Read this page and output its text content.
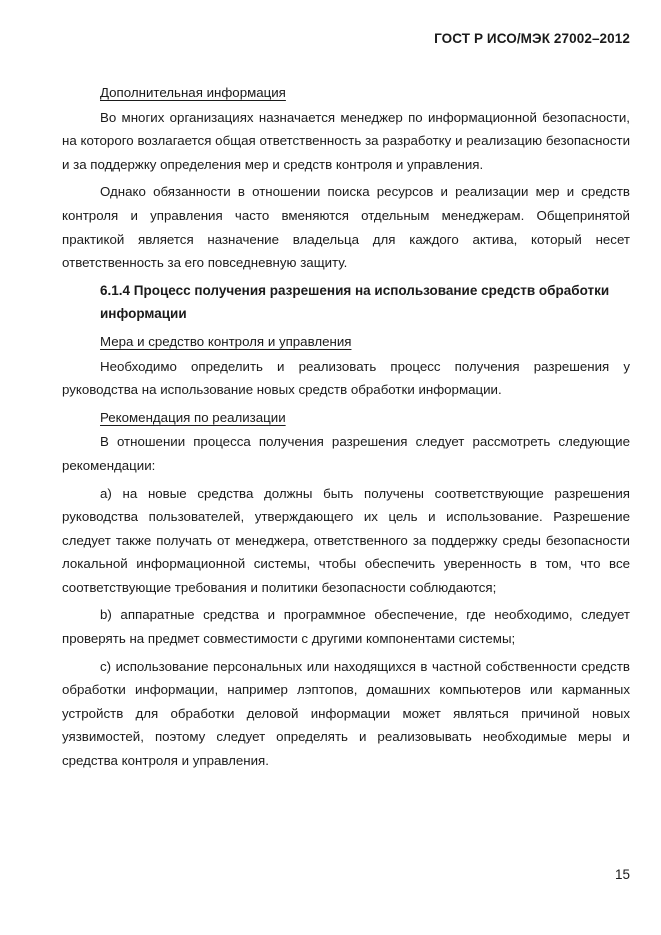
ГОСТ Р ИСО/МЭК 27002–2012
Дополнительная информация

Во многих организациях назначается менеджер по информационной безопасности, на которого возлагается общая ответственность за разработку и реализацию безопасности и за поддержку определения мер и средств контроля и управления.

Однако обязанности в отношении поиска ресурсов и реализации мер и средств контроля и управления часто вменяются отдельным менеджерам. Общепринятой практикой является назначение владельца для каждого актива, который несет ответственность за его повседневную защиту.

6.1.4 Процесс получения разрешения на использование средств обработки информации
Мера и средство контроля и управления

Необходимо определить и реализовать процесс получения разрешения у руководства на использование новых средств обработки информации.

Рекомендация по реализации

В отношении процесса получения разрешения следует рассмотреть следующие рекомендации:

a) на новые средства должны быть получены соответствующие разрешения руководства пользователей, утверждающего их цель и использование. Разрешение следует также получать от менеджера, ответственного за поддержку среды безопасности локальной информационной системы, чтобы обеспечить уверенность в том, что все соответствующие требования и политики безопасности соблюдаются;

b) аппаратные средства и программное обеспечение, где необходимо, следует проверять на предмет совместимости с другими компонентами системы;

c) использование персональных или находящихся в частной собственности средств обработки информации, например лэптопов, домашних компьютеров или карманных устройств для обработки деловой информации может являться причиной новых уязвимостей, поэтому следует определять и реализовывать необходимые меры и средства контроля и управления.

15
